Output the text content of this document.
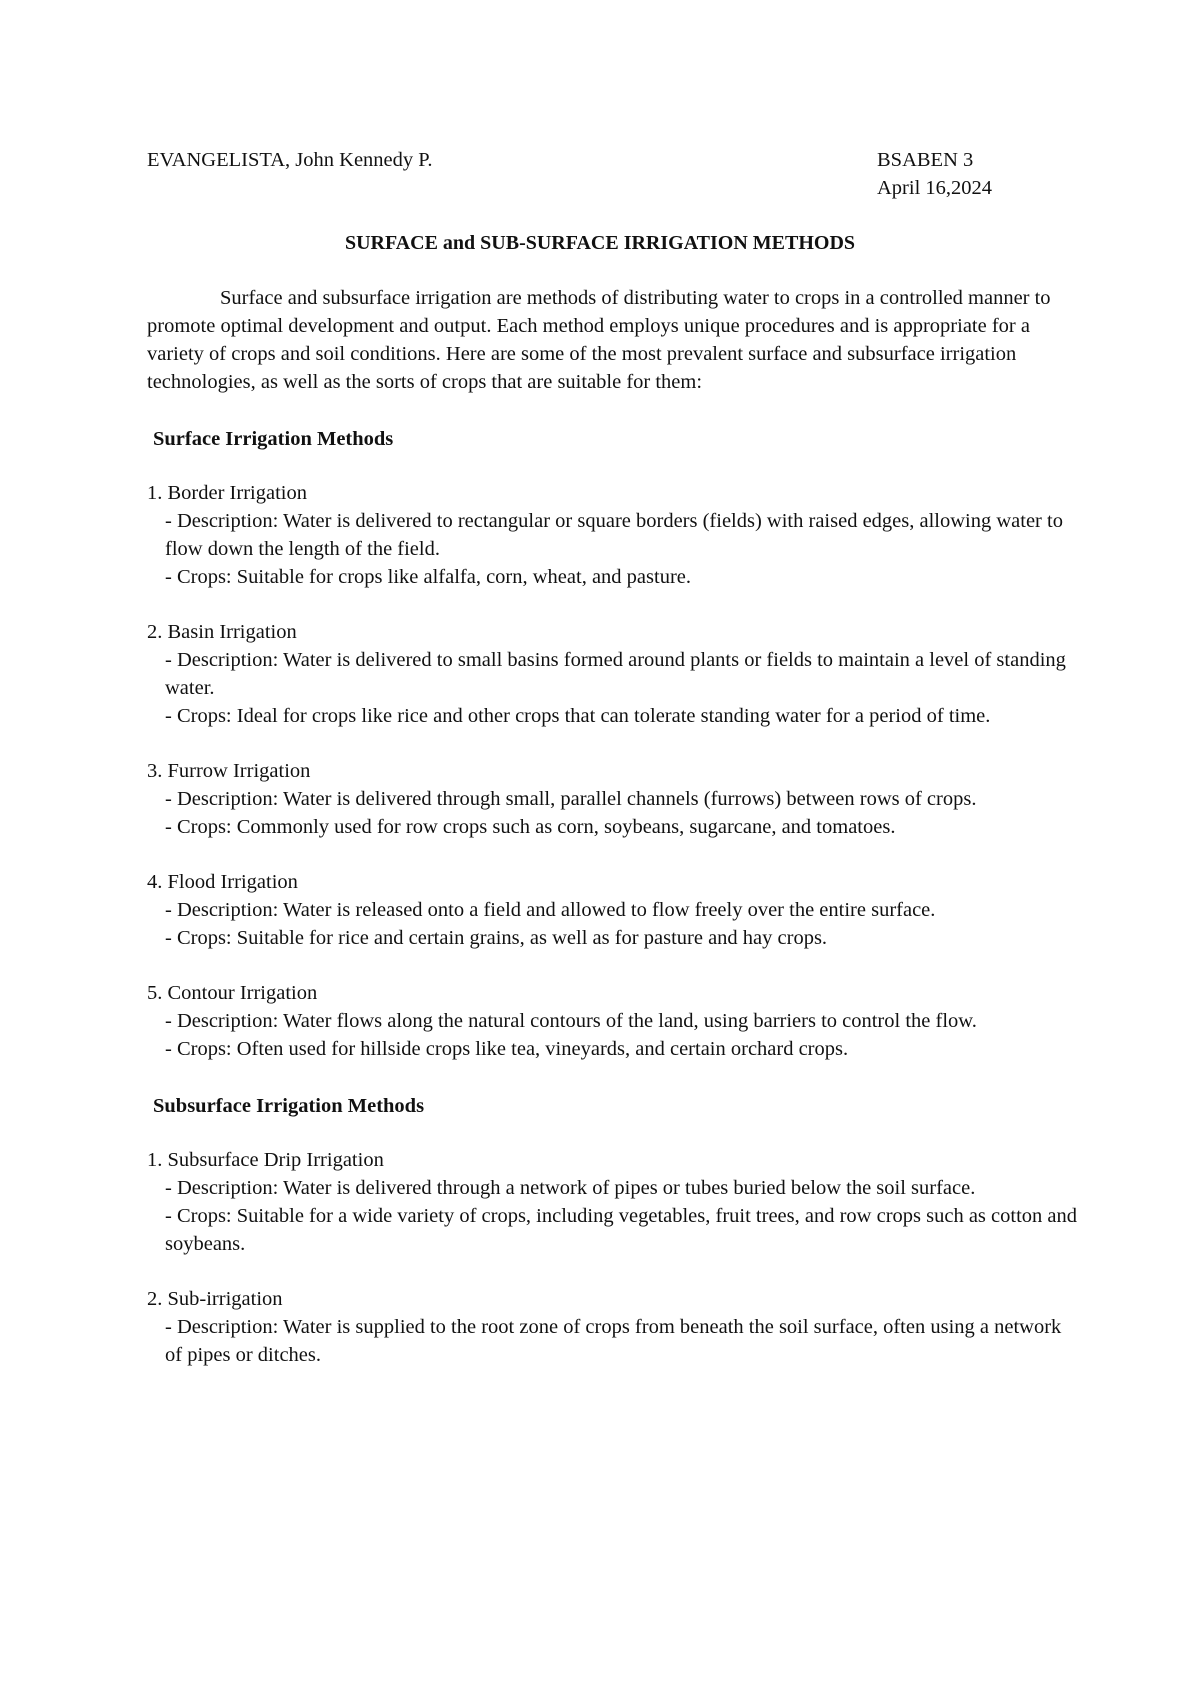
EVANGELISTA, John Kennedy P.	BSABEN 3
April 16,2024
SURFACE and SUB-SURFACE IRRIGATION METHODS

Surface and subsurface irrigation are methods of distributing water to crops in a controlled manner to promote optimal development and output. Each method employs unique procedures and is appropriate for a variety of crops and soil conditions. Here are some of the most prevalent surface and subsurface irrigation technologies, as well as the sorts of crops that are suitable for them:

Surface Irrigation Methods

1. Border Irrigation

- Description: Water is delivered to rectangular or square borders (fields) with raised edges, allowing water to flow down the length of the field.

- Crops: Suitable for crops like alfalfa, corn, wheat, and pasture.

2. Basin Irrigation

- Description: Water is delivered to small basins formed around plants or fields to maintain a level of standing water.

- Crops: Ideal for crops like rice and other crops that can tolerate standing water for a period of time.

3. Furrow Irrigation

- Description: Water is delivered through small, parallel channels (furrows) between rows of crops.

- Crops: Commonly used for row crops such as corn, soybeans, sugarcane, and tomatoes.

4. Flood Irrigation

- Description: Water is released onto a field and allowed to flow freely over the entire surface.

- Crops: Suitable for rice and certain grains, as well as for pasture and hay crops.

5. Contour Irrigation

- Description: Water flows along the natural contours of the land, using barriers to control the flow.

- Crops: Often used for hillside crops like tea, vineyards, and certain orchard crops.

Subsurface Irrigation Methods

1. Subsurface Drip Irrigation

- Description: Water is delivered through a network of pipes or tubes buried below the soil surface.

- Crops: Suitable for a wide variety of crops, including vegetables, fruit trees, and row crops such as cotton and soybeans.

2. Sub-irrigation

- Description: Water is supplied to the root zone of crops from beneath the soil surface, often using a network of pipes or ditches.
